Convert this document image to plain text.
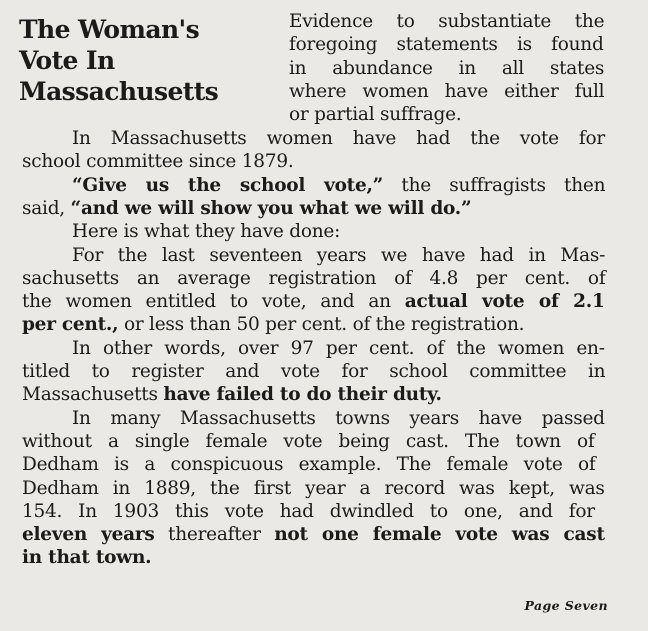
The Woman's
Vote In
Massachusetts
Evidence to substantiate the
foregoing statements is found
in abundance in all states
where women have either full
or partial suffrage.
In Massachusetts women have had the vote for
school committee since 1879.
“Give us the school vote,” the suffragists then
said, “and we will show you what we will do.”
Here is what they have done:
For the last seventeen years we have had in Mas-
sachusetts an average registration of 4.8 per cent. of
the women entitled to vote, and an actual vote of 2.1
per cent., or less than 50 per cent. of the registration.
In other words, over 97 per cent. of the women en-
titled to register and vote for school committee in
Massachusetts have failed to do their duty.
In many Massachusetts towns years have passed
without a single female vote being cast. The town of
Dedham is a conspicuous example. The female vote of
Dedham in 1889, the first year a record was kept, was
154. In 1903 this vote had dwindled to one, and for
eleven years thereafter not one female vote was cast
in that town.
Page Seven
